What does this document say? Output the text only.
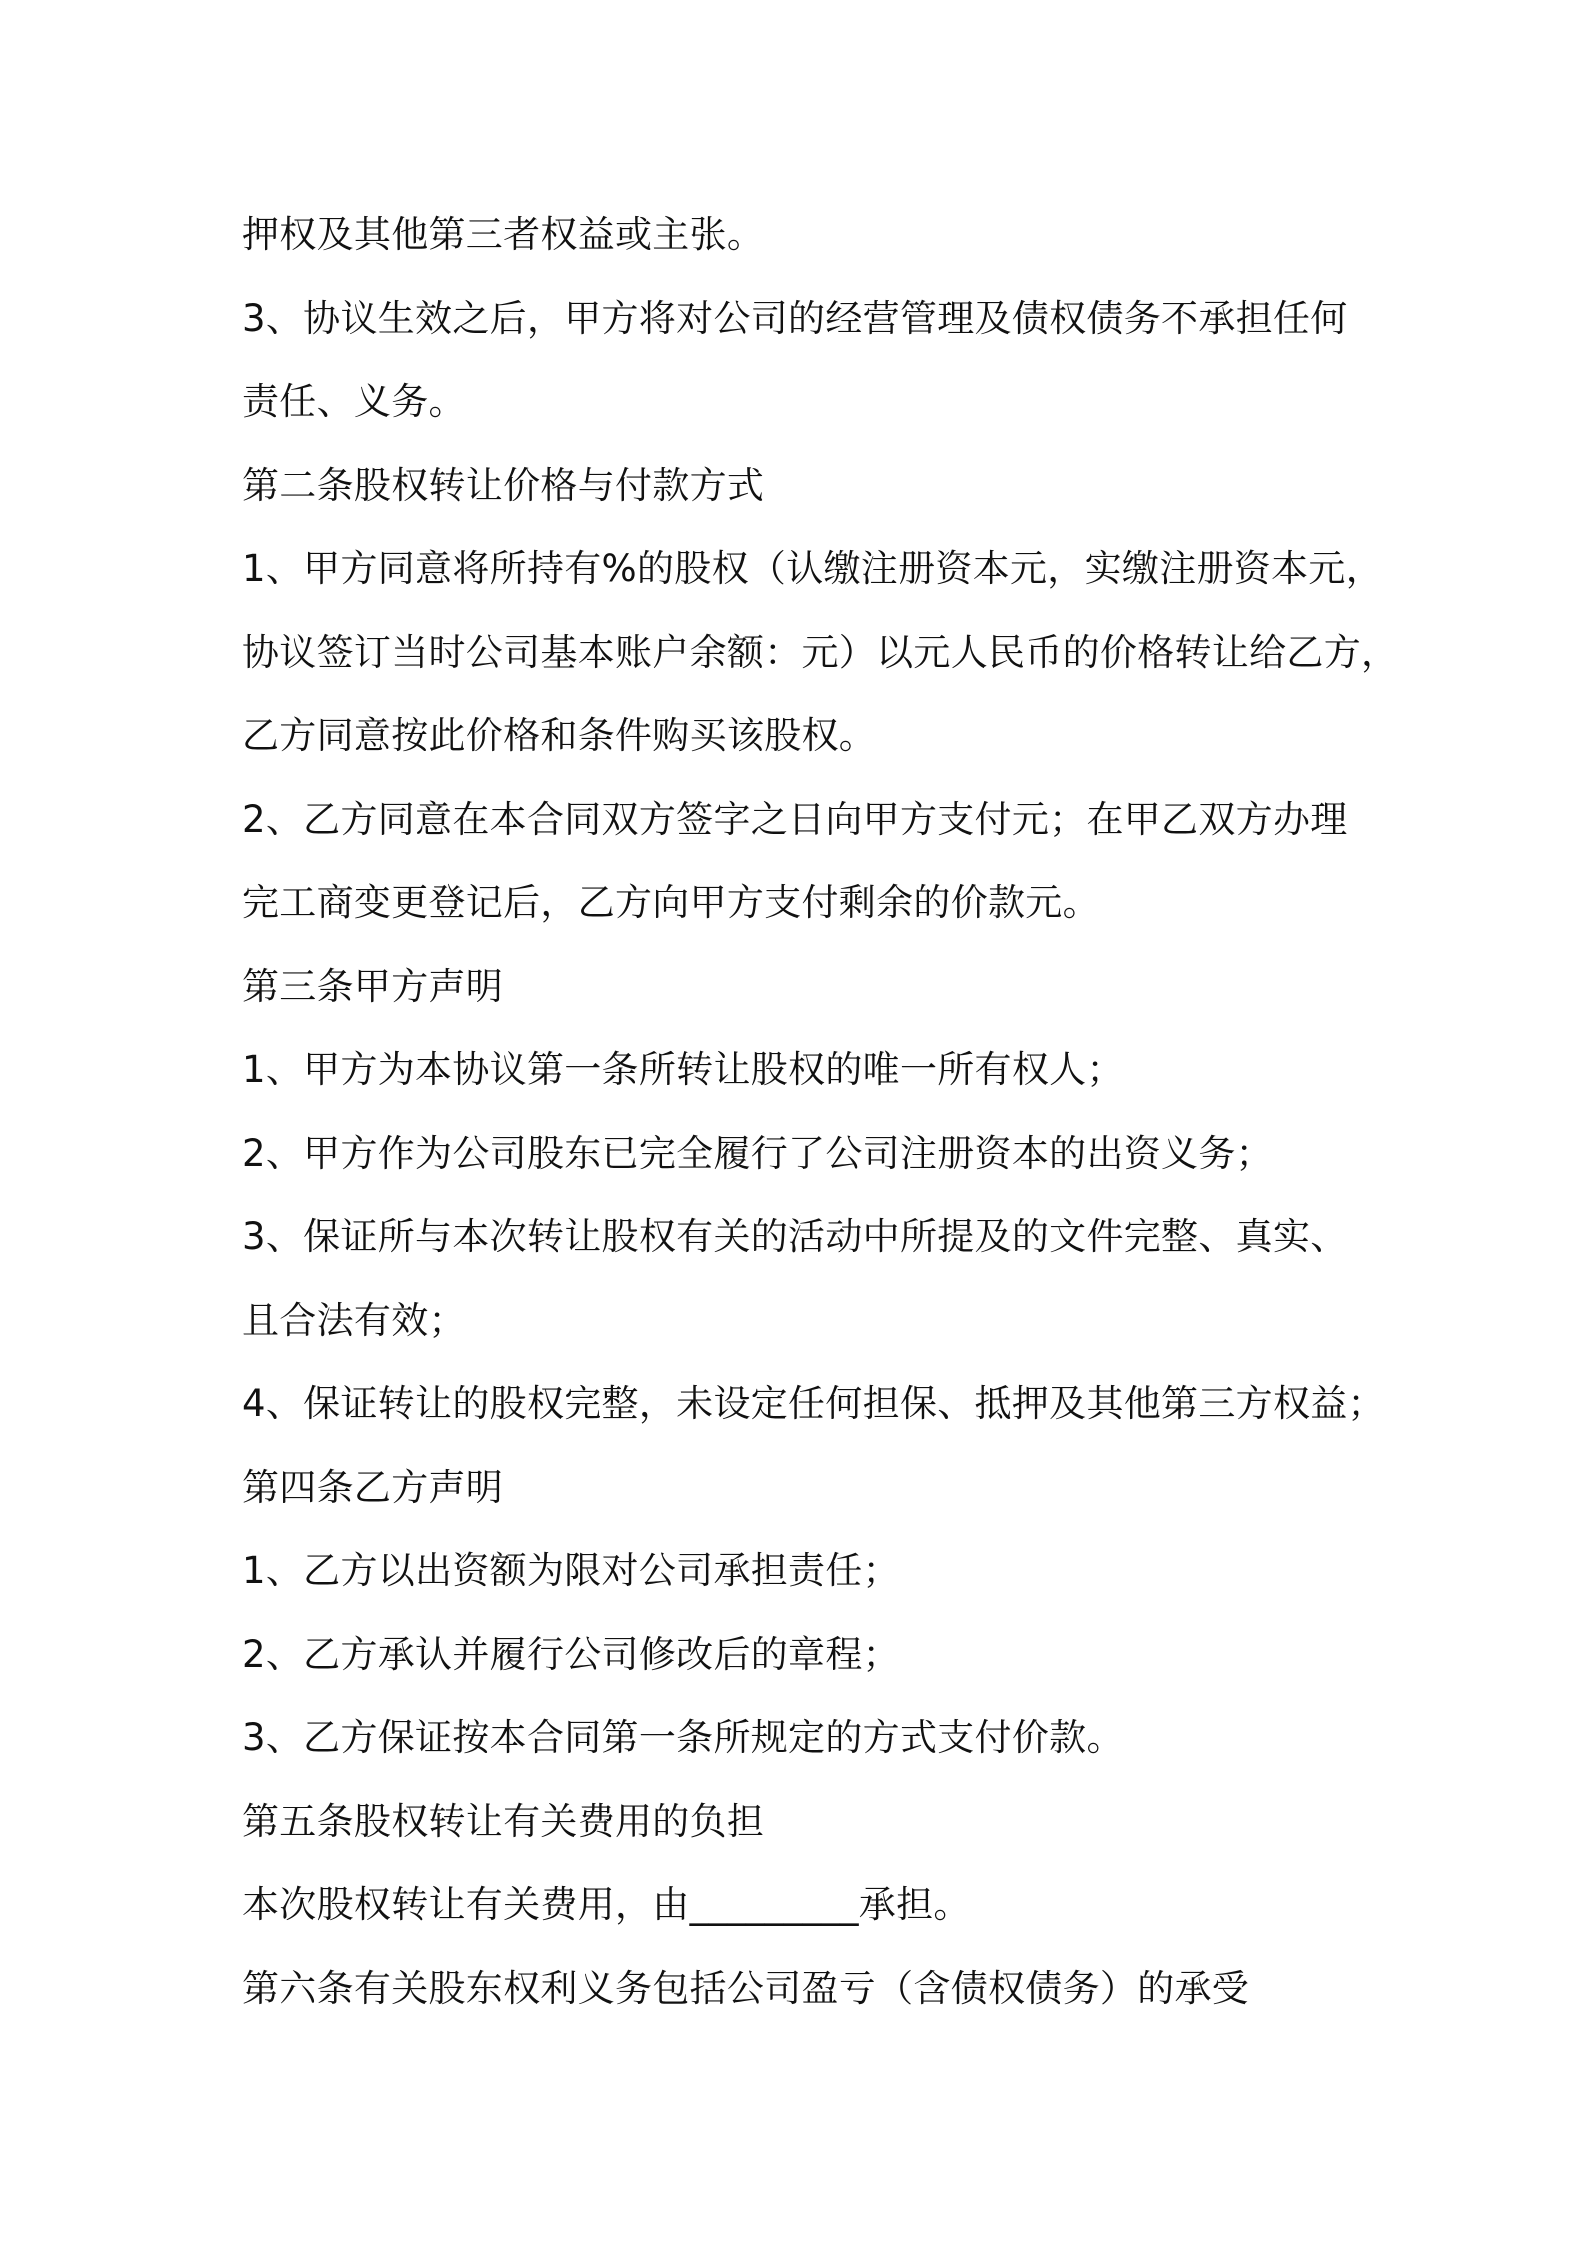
押权及其他第三者权益或主张。
3、协议生效之后，甲方将对公司的经营管理及债权债务不承担任何
责任、义务。
第二条股权转让价格与付款方式
1、甲方同意将所持有%的股权（认缴注册资本元，实缴注册资本元，
协议签订当时公司基本账户余额：元）以元人民币的价格转让给乙方，
乙方同意按此价格和条件购买该股权。
2、乙方同意在本合同双方签字之日向甲方支付元；在甲乙双方办理
完工商变更登记后，乙方向甲方支付剩余的价款元。
第三条甲方声明
1、甲方为本协议第一条所转让股权的唯一所有权人；
2、甲方作为公司股东已完全履行了公司注册资本的出资义务；
3、保证所与本次转让股权有关的活动中所提及的文件完整、真实、
且合法有效；
4、保证转让的股权完整，未设定任何担保、抵押及其他第三方权益；
第四条乙方声明
1、乙方以出资额为限对公司承担责任；
2、乙方承认并履行公司修改后的章程；
3、乙方保证按本合同第一条所规定的方式支付价款。
第五条股权转让有关费用的负担
本次股权转让有关费用，由_________承担。
第六条有关股东权利义务包括公司盈亏（含债权债务）的承受
